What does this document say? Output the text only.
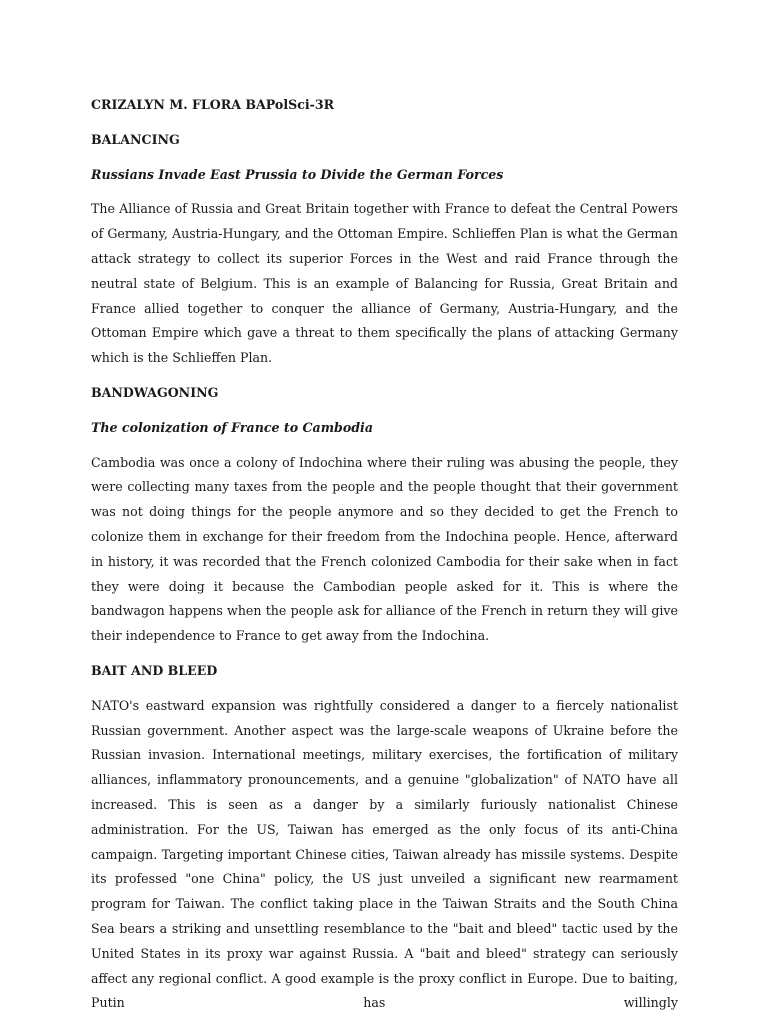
CRIZALYN M. FLORA BAPolSci-3R

BALANCING

Russians Invade East Prussia to Divide the German Forces

The Alliance of Russia and Great Britain together with France to defeat the Central Powers of Germany, Austria-Hungary, and the Ottoman Empire. Schlieffen Plan is what the German attack strategy to collect its superior Forces in the West and raid France through the neutral state of Belgium. This is an example of Balancing for Russia, Great Britain and France allied together to conquer the alliance of Germany, Austria-Hungary, and the Ottoman Empire which gave a threat to them specifically the plans of attacking Germany which is the Schlieffen Plan.

BANDWAGONING

The colonization of France to Cambodia

Cambodia was once a colony of Indochina where their ruling was abusing the people, they were collecting many taxes from the people and the people thought that their government was not doing things for the people anymore and so they decided to get the French to colonize them in exchange for their freedom from the Indochina people. Hence, afterward in history, it was recorded that the French colonized Cambodia for their sake when in fact they were doing it because the Cambodian people asked for it. This is where the bandwagon happens when the people ask for alliance of the French in return they will give their independence to France to get away from the Indochina.

BAIT AND BLEED

NATO's eastward expansion was rightfully considered a danger to a fiercely nationalist Russian government. Another aspect was the large-scale weapons of Ukraine before the Russian invasion. International meetings, military exercises, the fortification of military alliances, inflammatory pronouncements, and a genuine "globalization" of NATO have all increased. This is seen as a danger by a similarly furiously nationalist Chinese administration. For the US, Taiwan has emerged as the only focus of its anti-China campaign. Targeting important Chinese cities, Taiwan already has missile systems. Despite its professed "one China" policy, the US just unveiled a significant new rearmament program for Taiwan. The conflict taking place in the Taiwan Straits and the South China Sea bears a striking and unsettling resemblance to the "bait and bleed" tactic used by the United States in its proxy war against Russia. A "bait and bleed" strategy can seriously affect any regional conflict. A good example is the proxy conflict in Europe. Due to baiting, Putin has willingly
